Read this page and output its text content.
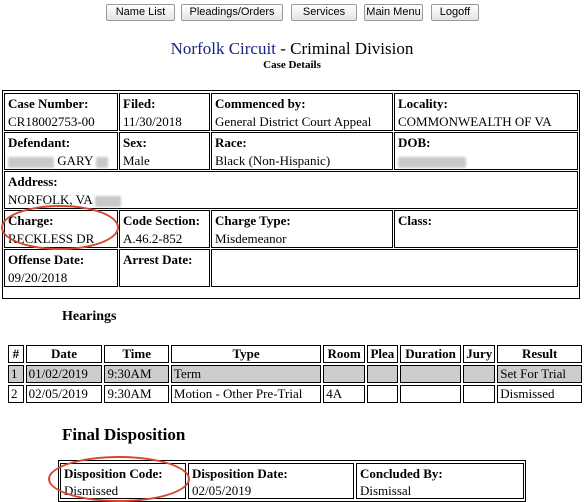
Name List	Pleadings/Orders	Services	Main Menu	Logoff
Norfolk Circuit - Criminal Division
Case Details
Case Number:
CR18002753-00
Filed:
11/30/2018
Commenced by:
General District Court Appeal
Locality:
COMMONWEALTH OF VA
Defendant:
GARY
Sex:
Male
Race:
Black (Non-Hispanic)
DOB:
Address:
NORFOLK, VA
Charge:
RECKLESS DR
Code Section:
A.46.2-852
Charge Type:
Misdemeanor
Class:
Offense Date:
09/20/2018
Arrest Date:
Hearings
#	Date	Time	Type	Room	Plea	Duration	Jury	Result
1	01/02/2019	9:30AM	Term					Set For Trial
2	02/05/2019	9:30AM	Motion - Other Pre-Trial	4A				Dismissed
Final Disposition
Disposition Code:
Dismissed
Disposition Date:
02/05/2019
Concluded By:
Dismissal
